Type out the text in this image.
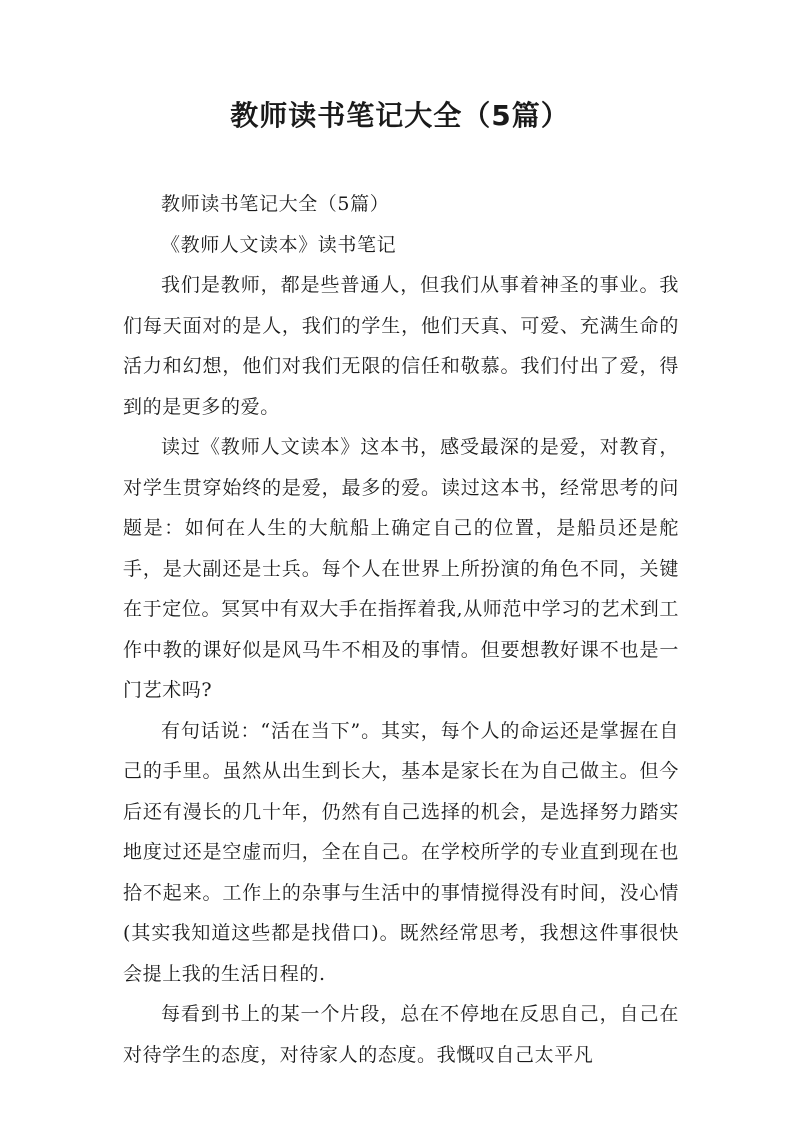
教师读书笔记大全（5篇）

教师读书笔记大全（5篇）

《教师人文读本》读书笔记

我们是教师，都是些普通人，但我们从事着神圣的事业。我们每天面对的是人，我们的学生，他们天真、可爱、充满生命的活力和幻想，他们对我们无限的信任和敬慕。我们付出了爱，得到的是更多的爱。

读过《教师人文读本》这本书，感受最深的是爱，对教育，对学生贯穿始终的是爱，最多的爱。读过这本书，经常思考的问题是：如何在人生的大航船上确定自己的位置，是船员还是舵手，是大副还是士兵。每个人在世界上所扮演的角色不同，关键在于定位。冥冥中有双大手在指挥着我,从师范中学习的艺术到工作中教的课好似是风马牛不相及的事情。但要想教好课不也是一门艺术吗?

有句话说：“活在当下”。其实，每个人的命运还是掌握在自己的手里。虽然从出生到长大，基本是家长在为自己做主。但今后还有漫长的几十年，仍然有自己选择的机会，是选择努力踏实地度过还是空虚而归，全在自己。在学校所学的专业直到现在也拾不起来。工作上的杂事与生活中的事情搅得没有时间，没心情(其实我知道这些都是找借口)。既然经常思考，我想这件事很快会提上我的生活日程的.

每看到书上的某一个片段，总在不停地在反思自己，自己在对待学生的态度，对待家人的态度。我慨叹自己太平凡
